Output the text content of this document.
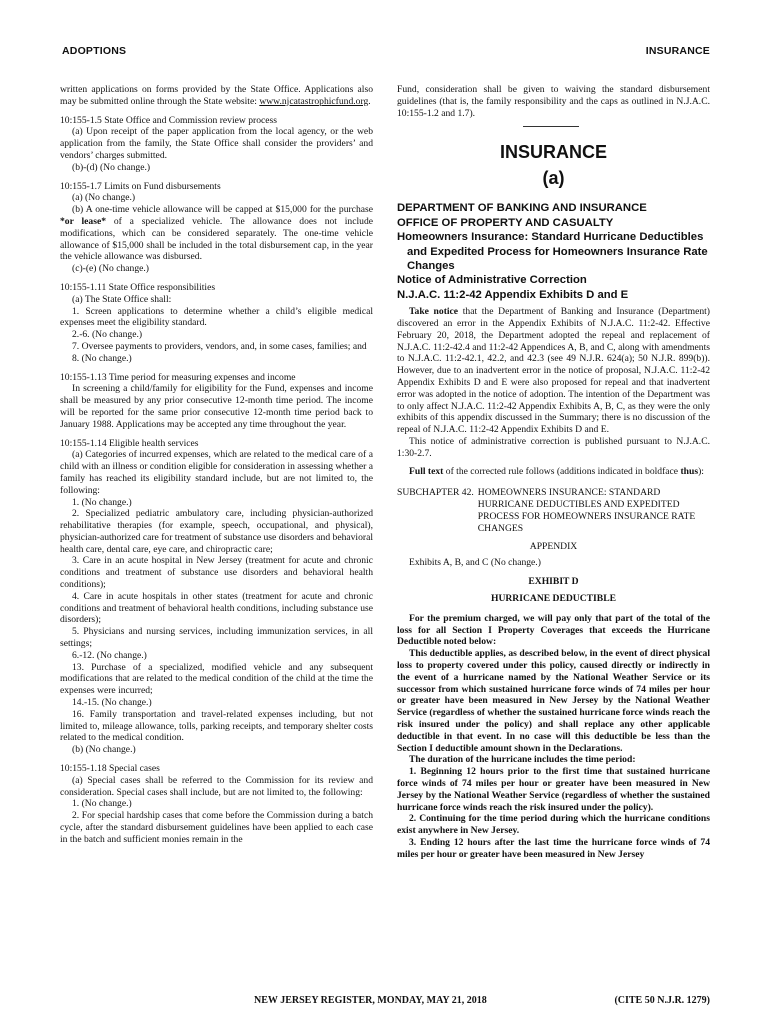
ADOPTIONS	INSURANCE

written applications on forms provided by the State Office. Applications also may be submitted online through the State website: www.njcatastrophicfund.org.

10:155-1.5 State Office and Commission review process

(a) Upon receipt of the paper application from the local agency, or the web application from the family, the State Office shall consider the providers’ and vendors’ charges submitted.

(b)-(d) (No change.)

10:155-1.7 Limits on Fund disbursements

(a) (No change.)

(b) A one-time vehicle allowance will be capped at $15,000 for the purchase *or lease* of a specialized vehicle. The allowance does not include modifications, which can be considered separately. The one-time vehicle allowance of $15,000 shall be included in the total disbursement cap, in the year the vehicle allowance was disbursed.

(c)-(e) (No change.)

10:155-1.11 State Office responsibilities

(a) The State Office shall:

1. Screen applications to determine whether a child’s eligible medical expenses meet the eligibility standard.

2.-6. (No change.)

7. Oversee payments to providers, vendors, and, in some cases, families; and

8. (No change.)

10:155-1.13 Time period for measuring expenses and income

In screening a child/family for eligibility for the Fund, expenses and income shall be measured by any prior consecutive 12-month time period. The income will be reported for the same prior consecutive 12-month time period back to January 1988. Applications may be accepted any time throughout the year.

10:155-1.14 Eligible health services

(a) Categories of incurred expenses, which are related to the medical care of a child with an illness or condition eligible for consideration in assessing whether a family has reached its eligibility standard include, but are not limited to, the following:

1. (No change.)

2. Specialized pediatric ambulatory care, including physician-authorized rehabilitative therapies (for example, speech, occupational, and physical), physician-authorized care for treatment of substance use disorders and behavioral health care, dental care, eye care, and chiropractic care;

3. Care in an acute hospital in New Jersey (treatment for acute and chronic conditions and treatment of substance use disorders and behavioral health conditions);

4. Care in acute hospitals in other states (treatment for acute and chronic conditions and treatment of behavioral health conditions, including substance use disorders);

5. Physicians and nursing services, including immunization services, in all settings;

6.-12. (No change.)

13. Purchase of a specialized, modified vehicle and any subsequent modifications that are related to the medical condition of the child at the time the expenses were incurred;

14.-15. (No change.)

16. Family transportation and travel-related expenses including, but not limited to, mileage allowance, tolls, parking receipts, and temporary shelter costs related to the medical condition.

(b) (No change.)

10:155-1.18 Special cases

(a) Special cases shall be referred to the Commission for its review and consideration. Special cases shall include, but are not limited to, the following:

1. (No change.)

2. For special hardship cases that come before the Commission during a batch cycle, after the standard disbursement guidelines have been applied to each case in the batch and sufficient monies remain in the

Fund, consideration shall be given to waiving the standard disbursement guidelines (that is, the family responsibility and the caps as outlined in N.J.A.C. 10:155-1.2 and 1.7).

INSURANCE
(a)
DEPARTMENT OF BANKING AND INSURANCE
OFFICE OF PROPERTY AND CASUALTY
Homeowners Insurance: Standard Hurricane Deductibles and Expedited Process for Homeowners Insurance Rate Changes
Notice of Administrative Correction
N.J.A.C. 11:2-42 Appendix Exhibits D and E

Take notice that the Department of Banking and Insurance (Department) discovered an error in the Appendix Exhibits of N.J.A.C. 11:2-42. Effective February 20, 2018, the Department adopted the repeal and replacement of N.J.A.C. 11:2-42.4 and 11:2-42 Appendices A, B, and C, along with amendments to N.J.A.C. 11:2-42.1, 42.2, and 42.3 (see 49 N.J.R. 624(a); 50 N.J.R. 899(b)). However, due to an inadvertent error in the notice of proposal, N.J.A.C. 11:2-42 Appendix Exhibits D and E were also proposed for repeal and that inadvertent error was adopted in the notice of adoption. The intention of the Department was to only affect N.J.A.C. 11:2-42 Appendix Exhibits A, B, C, as they were the only exhibits of this appendix discussed in the Summary; there is no discussion of the repeal of N.J.A.C. 11:2-42 Appendix Exhibits D and E.

This notice of administrative correction is published pursuant to N.J.A.C. 1:30-2.7.

Full text of the corrected rule follows (additions indicated in boldface thus):

SUBCHAPTER 42. HOMEOWNERS INSURANCE: STANDARD HURRICANE DEDUCTIBLES AND EXPEDITED PROCESS FOR HOMEOWNERS INSURANCE RATE CHANGES

APPENDIX

Exhibits A, B, and C (No change.)

EXHIBIT D

HURRICANE DEDUCTIBLE

For the premium charged, we will pay only that part of the total of the loss for all Section I Property Coverages that exceeds the Hurricane Deductible noted below:

This deductible applies, as described below, in the event of direct physical loss to property covered under this policy, caused directly or indirectly in the event of a hurricane named by the National Weather Service or its successor from which sustained hurricane force winds of 74 miles per hour or greater have been measured in New Jersey by the National Weather Service (regardless of whether the sustained hurricane force winds reach the risk insured under the policy) and shall replace any other applicable deductible in that event. In no case will this deductible be less than the Section I deductible amount shown in the Declarations.

The duration of the hurricane includes the time period:

1. Beginning 12 hours prior to the first time that sustained hurricane force winds of 74 miles per hour or greater have been measured in New Jersey by the National Weather Service (regardless of whether the sustained hurricane force winds reach the risk insured under the policy).

2. Continuing for the time period during which the hurricane conditions exist anywhere in New Jersey.

3. Ending 12 hours after the last time the hurricane force winds of 74 miles per hour or greater have been measured in New Jersey

NEW JERSEY REGISTER, MONDAY, MAY 21, 2018	(CITE 50 N.J.R. 1279)
